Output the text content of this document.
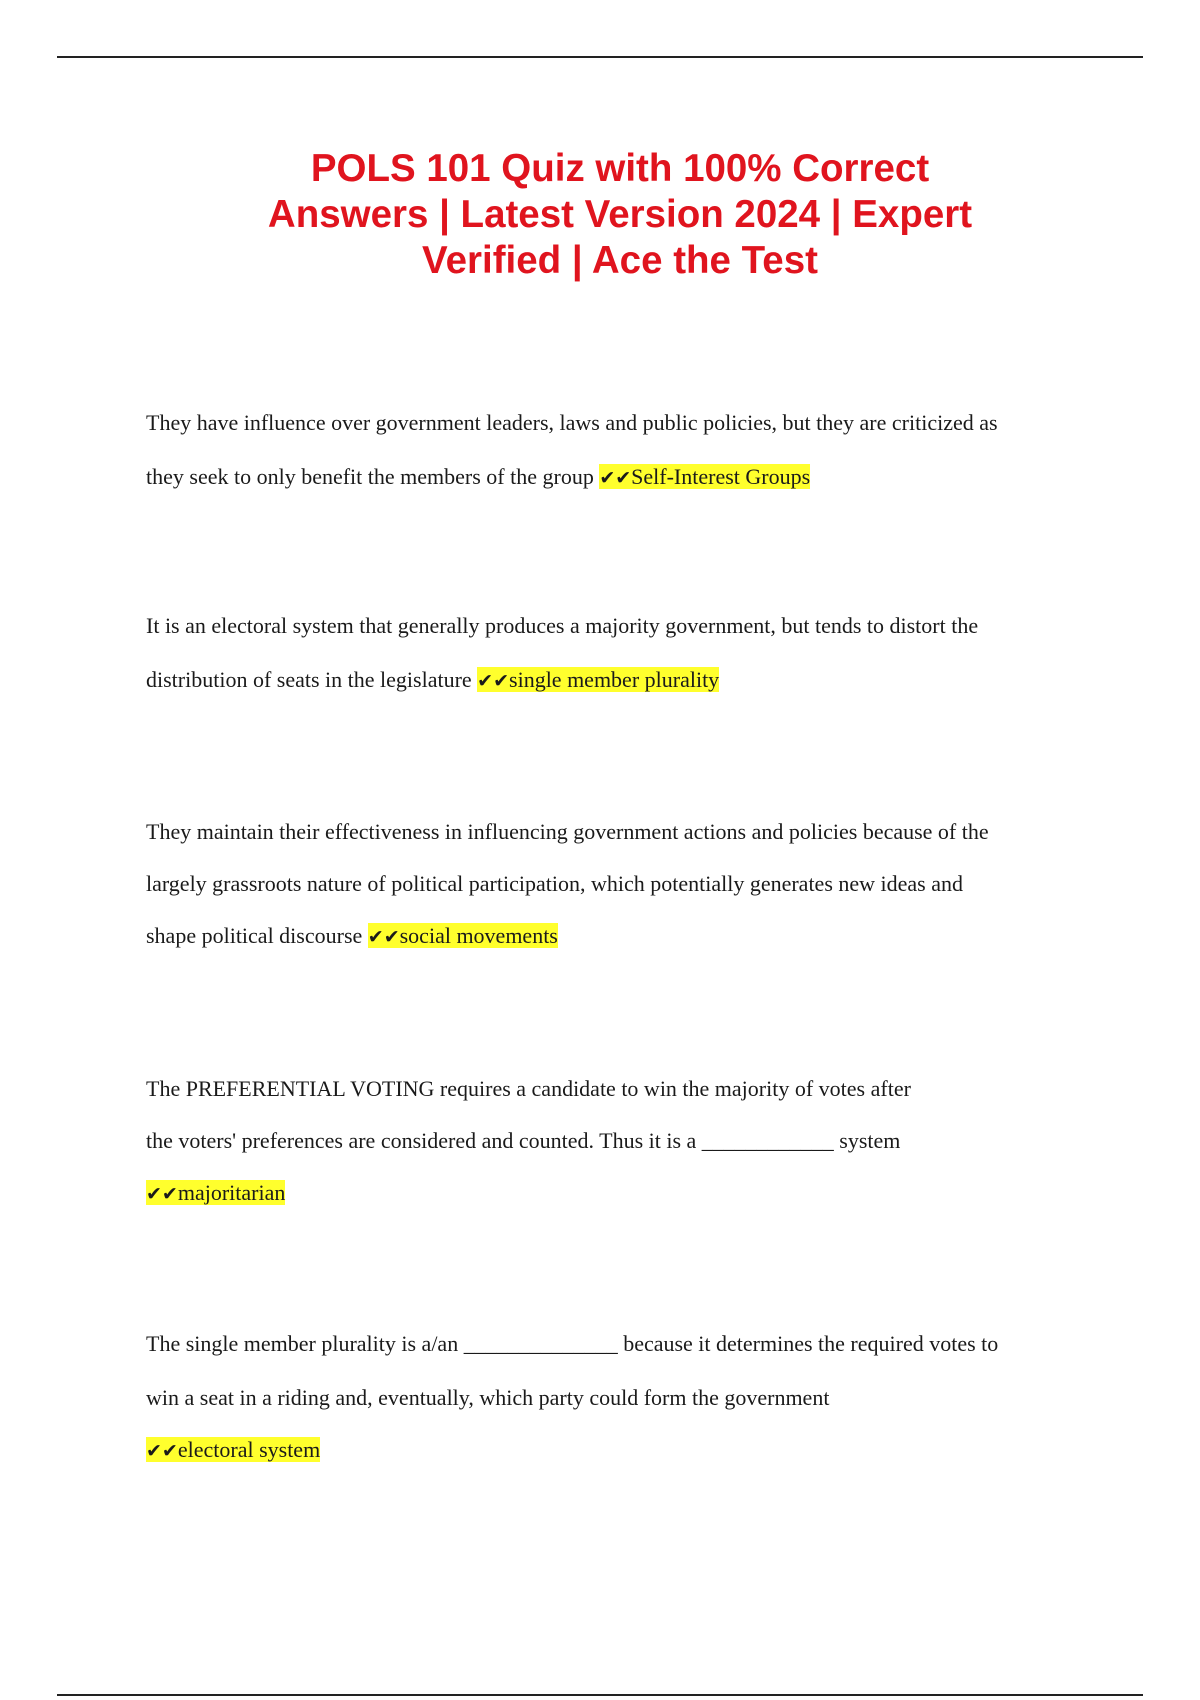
POLS 101 Quiz with 100% Correct
Answers | Latest Version 2024 | Expert
Verified | Ace the Test
They have influence over government leaders, laws and public policies, but they are criticized as
they seek to only benefit the members of the group ✔✔Self-Interest Groups
It is an electoral system that generally produces a majority government, but tends to distort the
distribution of seats in the legislature ✔✔single member plurality
They maintain their effectiveness in influencing government actions and policies because of the
largely grassroots nature of political participation, which potentially generates new ideas and
shape political discourse ✔✔social movements
The PREFERENTIAL VOTING requires a candidate to win the majority of votes after
the voters' preferences are considered and counted. Thus it is a ____________ system
✔✔majoritarian
The single member plurality is a/an ______________ because it determines the required votes to
win a seat in a riding and, eventually, which party could form the government
✔✔electoral system
